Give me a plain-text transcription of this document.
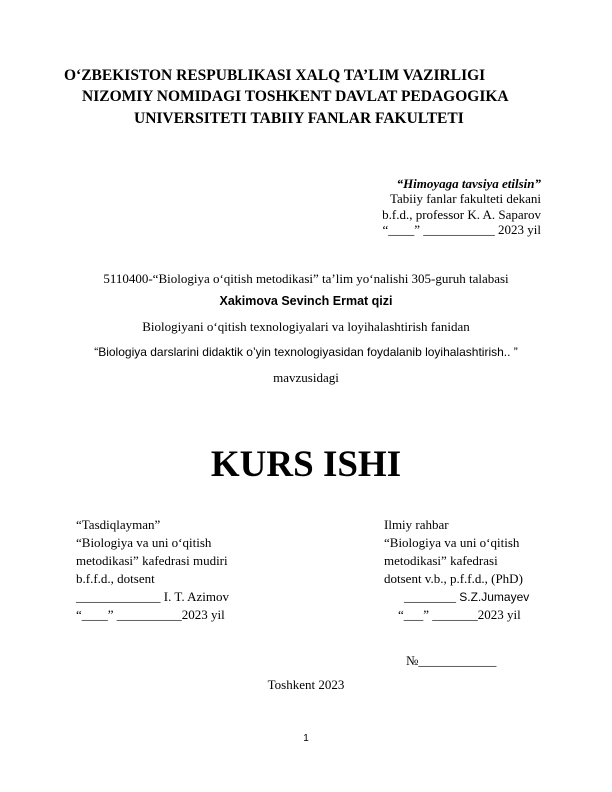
O‘ZBEKISTON RESPUBLIKASI XALQ TA’LIM VAZIRLIGI
NIZOMIY NOMIDAGI TOSHKENT DAVLAT PEDAGOGIKA
UNIVERSITETI TABIIY FANLAR FAKULTETI
“Himoyaga tavsiya etilsin”
Tabiiy fanlar fakulteti dekani
b.f.d., professor K. A. Saparov
“____” ___________ 2023 yil
5110400-“Biologiya o‘qitish metodikasi” ta’lim yo‘nalishi 305-guruh talabasi
Xakimova Sevinch Ermat qizi
Biologiyani o‘qitish texnologiyalari va loyihalashtirish fanidan
“Biologiya darslarini didaktik o’yin texnologiyasidan foydalanib loyihalashtirish.. ”
mavzusidagi
KURS ISHI
“Tasdiqlayman”
“Biologiya va uni o‘qitish
metodikasi” kafedrasi mudiri
b.f.f.d., dotsent
_____________ I. T. Azimov
“____” __________2023 yil
Ilmiy rahbar
“Biologiya va uni o‘qitish
metodikasi” kafedrasi
dotsent v.b., p.f.f.d., (PhD)
________ S.Z.Jumayev
“___” _______2023 yil
№____________
Toshkent 2023
1
